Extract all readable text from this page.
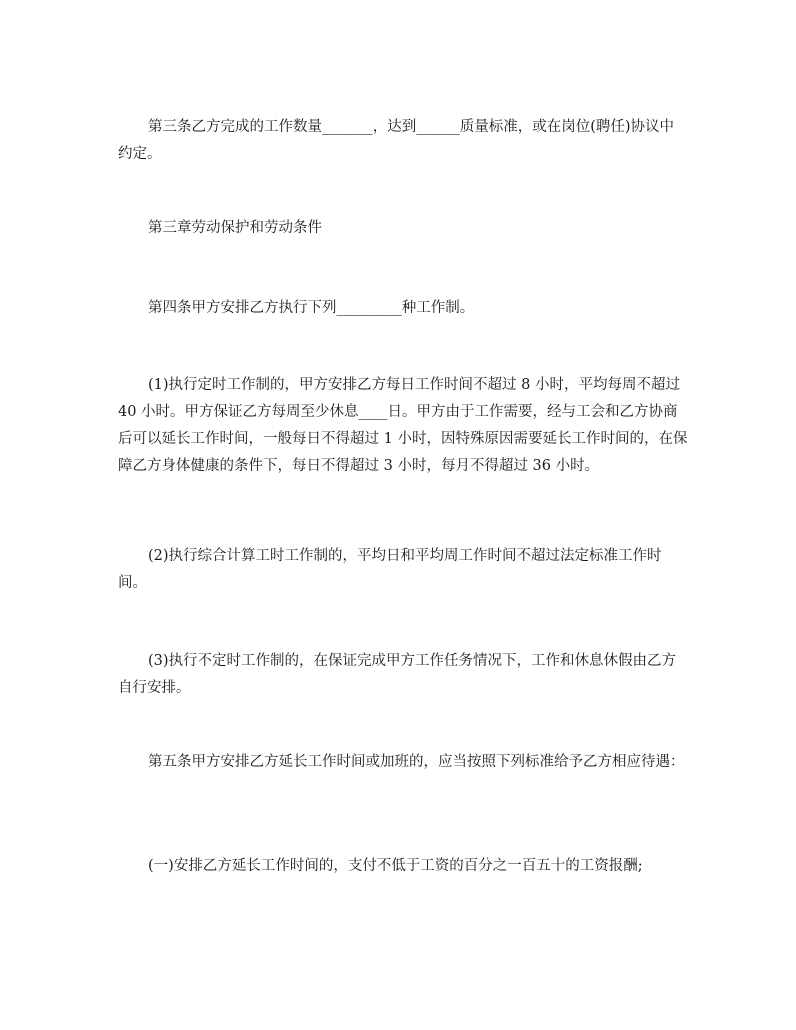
第三条乙方完成的工作数量_______，达到______质量标准，或在岗位(聘任)协议中约定。

第三章劳动保护和劳动条件

第四条甲方安排乙方执行下列_________种工作制。

(1)执行定时工作制的，甲方安排乙方每日工作时间不超过 8 小时，平均每周不超过 40 小时。甲方保证乙方每周至少休息____日。甲方由于工作需要，经与工会和乙方协商后可以延长工作时间，一般每日不得超过 1 小时，因特殊原因需要延长工作时间的，在保障乙方身体健康的条件下，每日不得超过 3 小时，每月不得超过 36 小时。

(2)执行综合计算工时工作制的，平均日和平均周工作时间不超过法定标准工作时间。

(3)执行不定时工作制的，在保证完成甲方工作任务情况下，工作和休息休假由乙方自行安排。

第五条甲方安排乙方延长工作时间或加班的，应当按照下列标准给予乙方相应待遇：

(一)安排乙方延长工作时间的，支付不低于工资的百分之一百五十的工资报酬;
